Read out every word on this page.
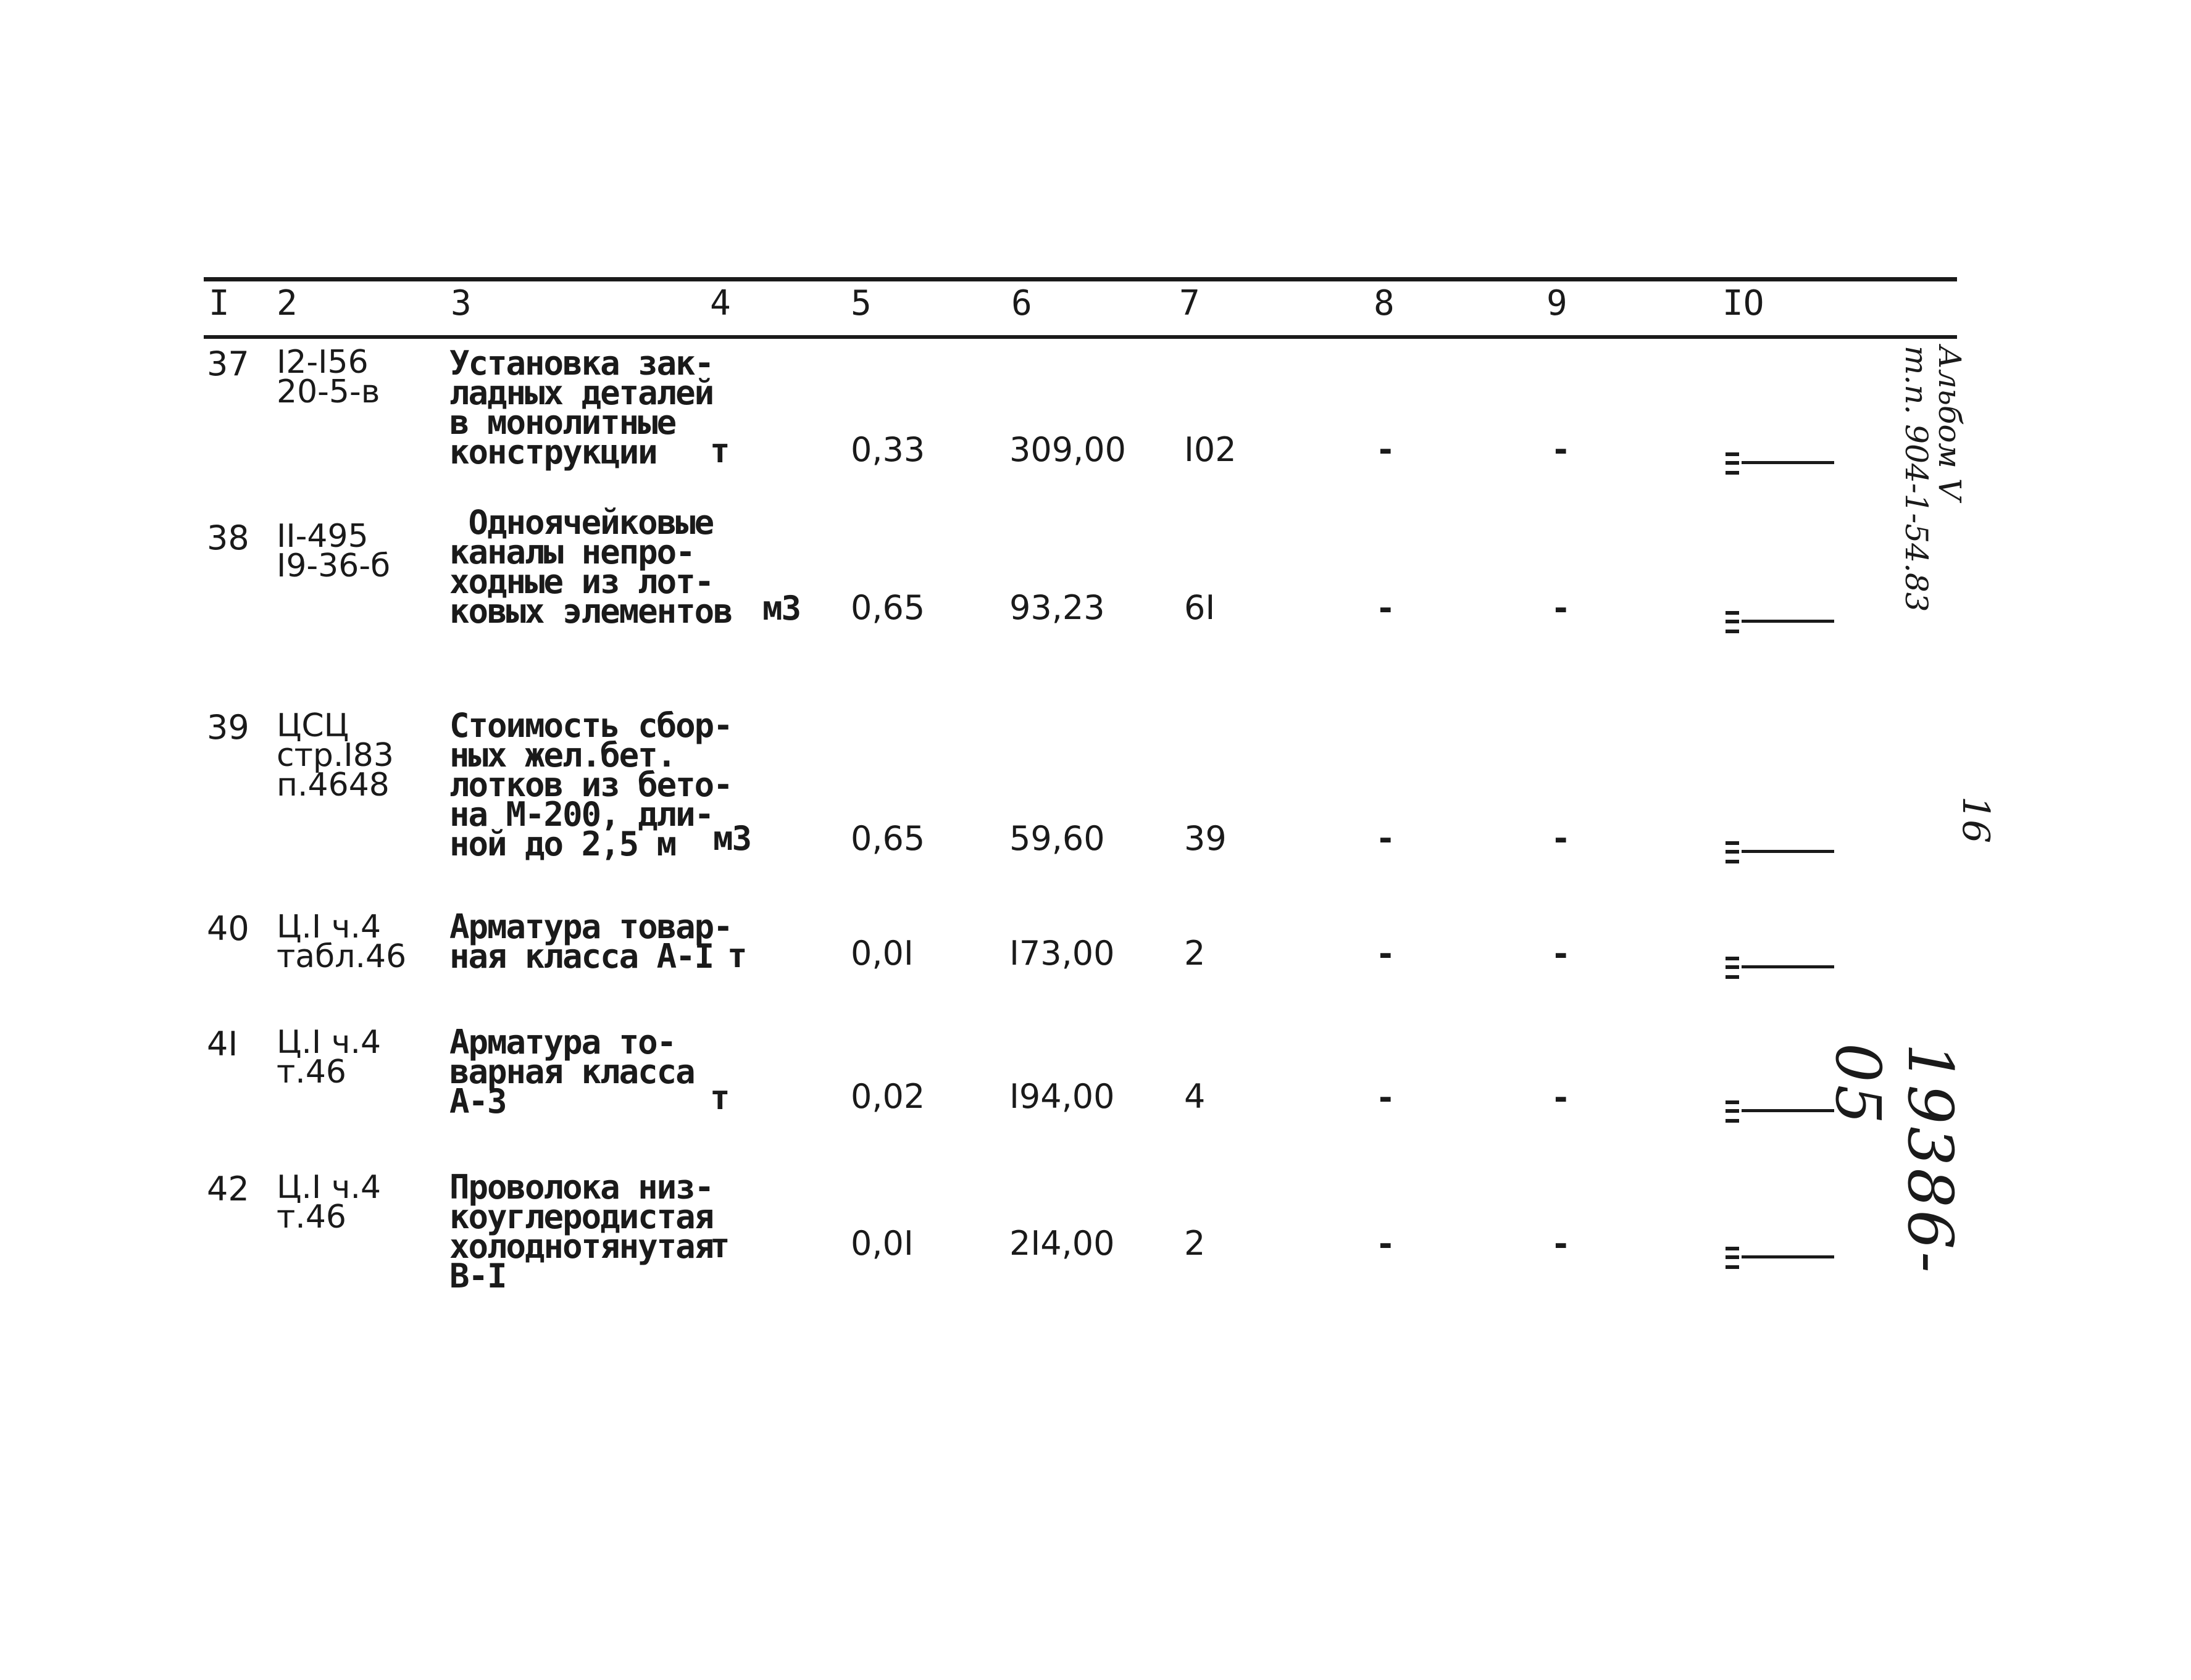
I 2	3	4	5	6	7	8	9	IO
37 I2-I56
20-5-в
Установка зак-
ладных деталей
в монолитные
конструкции	т	0,33	309,00 I02	-	-
38 II-495
I9-36-б
Одноячейковые
каналы непро-
ходные из лот-
ковых элементов м3 0,65	93,23 6I	-	-
39 ЦСЦ
стр.I83
п.4648
Стоимость сбор-
ных жел.бет.
лотков из бето-
на М-200, дли-
ной до 2,5 м	м3	0,65	59,60 39	-	-
40 Ц.I ч.4
табл.46
Арматура товар-
ная класса А-I т	0,0I	I73,00 2	-	-
4I Ц.I ч.4
т.46
Арматура то-
варная класса
А-3	т	0,02	I94,00 4	-	-
42 Ц.I ч.4
т.46
Проволока низ-
коуглеродистая
холоднотянутая
В-I
т	0,0I	2I4,00 2	-	-
Альбом V
т.п. 904-1-54.83
16
19386-05
